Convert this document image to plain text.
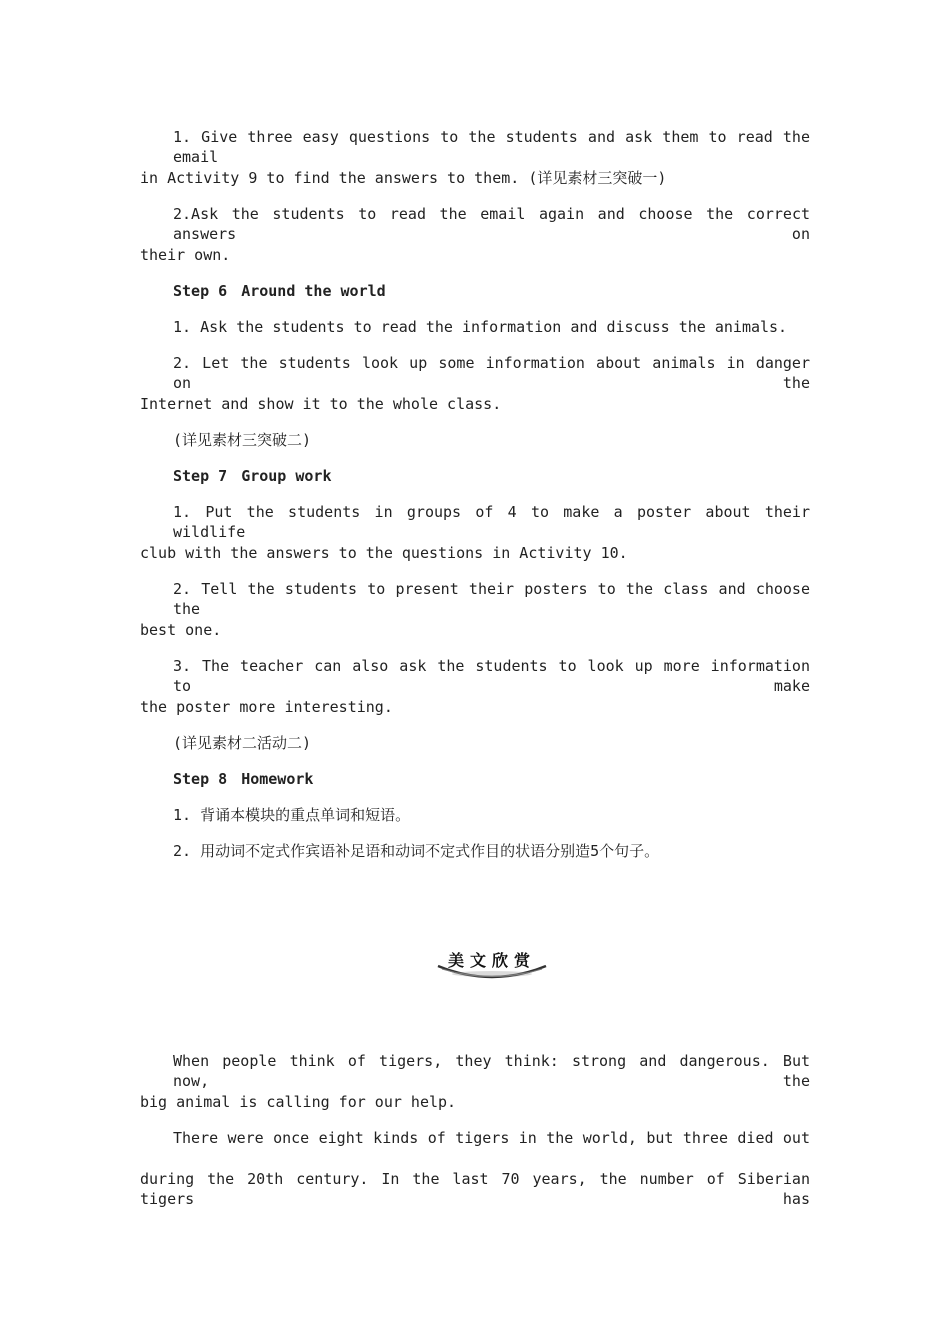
1. Give three easy questions to the students and ask them to read the email
in Activity 9 to find the answers to them. (详见素材三突破一)
2.Ask the students to read the email again and choose the correct answers on
their own.
Step 6 Around the world
1. Ask the students to read the information and discuss the animals.
2. Let the students look up some information about animals in danger on the
Internet and show it to the whole class.
(详见素材三突破二)
Step 7 Group work
1. Put the students in groups of 4 to make a poster about their wildlife
club with the answers to the questions in Activity 10.
2. Tell the students to present their posters to the class and choose the
best one.
3. The teacher can also ask the students to look up more information to make
the poster more interesting.
(详见素材二活动二)
Step 8 Homework
1. 背诵本模块的重点单词和短语。
2. 用动词不定式作宾语补足语和动词不定式作目的状语分别造5个句子。
美文欣赏
When people think of tigers, they think: strong and dangerous. But now, the
big animal is calling for our help.
There were once eight kinds of tigers in the world, but three died out
during the 20th century. In the last 70 years, the number of Siberian tigers has
